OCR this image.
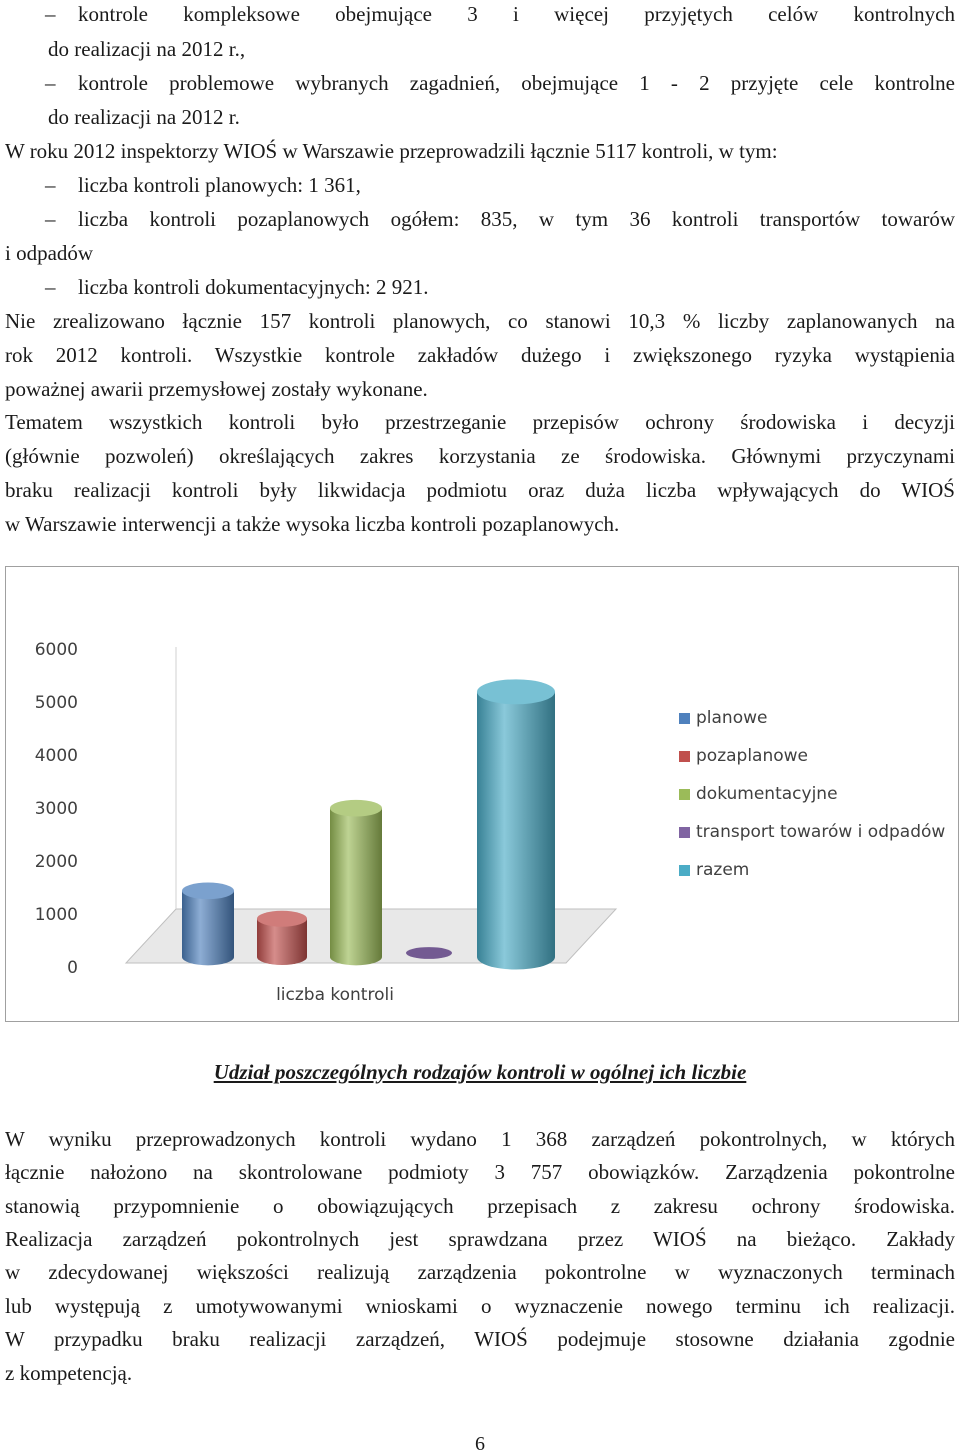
– kontrole kompleksowe obejmujące 3 i więcej przyjętych celów kontrolnych
do realizacji na 2012 r.,
– kontrole problemowe wybranych zagadnień, obejmujące 1 - 2 przyjęte cele kontrolne
do realizacji na 2012 r.
W roku 2012 inspektorzy WIOŚ w Warszawie przeprowadzili łącznie 5117 kontroli, w tym:
– liczba kontroli planowych: 1 361,
– liczba kontroli pozaplanowych ogółem: 835, w tym 36 kontroli transportów towarów
i odpadów
– liczba kontroli dokumentacyjnych: 2 921.
Nie zrealizowano łącznie 157 kontroli planowych, co stanowi 10,3 % liczby zaplanowanych na
rok 2012 kontroli. Wszystkie kontrole zakładów dużego i zwiększonego ryzyka wystąpienia
poważnej awarii przemysłowej zostały wykonane.
Tematem wszystkich kontroli było przestrzeganie przepisów ochrony środowiska i decyzji
(głównie pozwoleń) określających zakres korzystania ze środowiska. Głównymi przyczynami
braku realizacji kontroli były likwidacja podmiotu oraz duża liczba wpływających do WIOŚ
w Warszawie interwencji a także wysoka liczba kontroli pozaplanowych.
0
1000
2000
3000
4000
5000
6000
liczba kontroli
planowe
pozaplanowe
dokumentacyjne
transport towarów i odpadów
razem
Udział poszczególnych rodzajów kontroli w ogólnej ich liczbie
W wyniku przeprowadzonych kontroli wydano 1 368 zarządzeń pokontrolnych, w których
łącznie nałożono na skontrolowane podmioty 3 757 obowiązków. Zarządzenia pokontrolne
stanowią przypomnienie o obowiązujących przepisach z zakresu ochrony środowiska.
Realizacja zarządzeń pokontrolnych jest sprawdzana przez WIOŚ na bieżąco. Zakłady
w zdecydowanej większości realizują zarządzenia pokontrolne w wyznaczonych terminach
lub występują z umotywowanymi wnioskami o wyznaczenie nowego terminu ich realizacji.
W przypadku braku realizacji zarządzeń, WIOŚ podejmuje stosowne działania zgodnie
z kompetencją.
6
